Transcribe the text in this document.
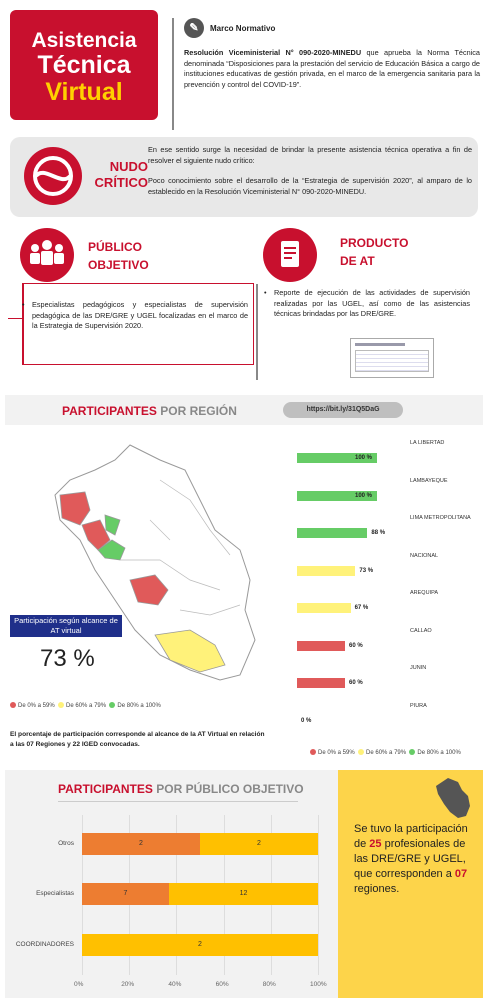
Asistencia
Técnica
Virtual
✎	Marco Normativo

Resolución Viceministerial N° 090-2020-MINEDU que aprueba la Norma Técnica denominada “Disposiciones para la prestación del servicio de Educación Básica a cargo de instituciones educativas de gestión privada, en el marco de la emergencia sanitaria para la prevención y control del COVID-19”.

NUDO
CRÍTICO

En ese sentido surge la necesidad de brindar la presente asistencia técnica operativa a fin de resolver el siguiente nudo crítico:

Poco conocimiento sobre el desarrollo de la “Estrategia de supervisión 2020”, al amparo de lo establecido en la Resolución Viceministerial N° 090-2020-MINEDU.

PÚBLICO
OBJETIVO
•	Especialistas pedagógicos y especialistas de supervisión pedagógica de las DRE/GRE y UGEL focalizadas en el marco de la Estrategia de Supervisión 2020.
PRODUCTO
DE AT
•	Reporte de ejecución de las actividades de supervisión realizadas por las UGEL, así como de las asistencias técnicas brindadas por las DRE/GRE.
PARTICIPANTES POR REGIÓN	https://bit.ly/31Q5DaG
Participación según alcance de AT virtual
73 %
De 0% a 59% De 60% a 79% De 80% a 100%
El porcentaje de participación corresponde al alcance de la AT Virtual en relación a las 07 Regiones y 22 IGED convocadas.
LA LIBERTAD
100 %
LAMBAYEQUE
100 %
LIMA METROPOLITANA
88 %
NACIONAL
73 %
AREQUIPA
67 %
CALLAO
60 %
JUNIN
60 %
PIURA
0 %
De 0% a 59% De 60% a 79% De 80% a 100%
PARTICIPANTES POR PÚBLICO OBJETIVO
Otros	2	2
Especialistas	7	12
COORDINADORES	2
0%	20%	40%	60%	80%	100%

Se tuvo la participación de 25 profesionales de las DRE/GRE y UGEL, que corresponden a 07 regiones.
